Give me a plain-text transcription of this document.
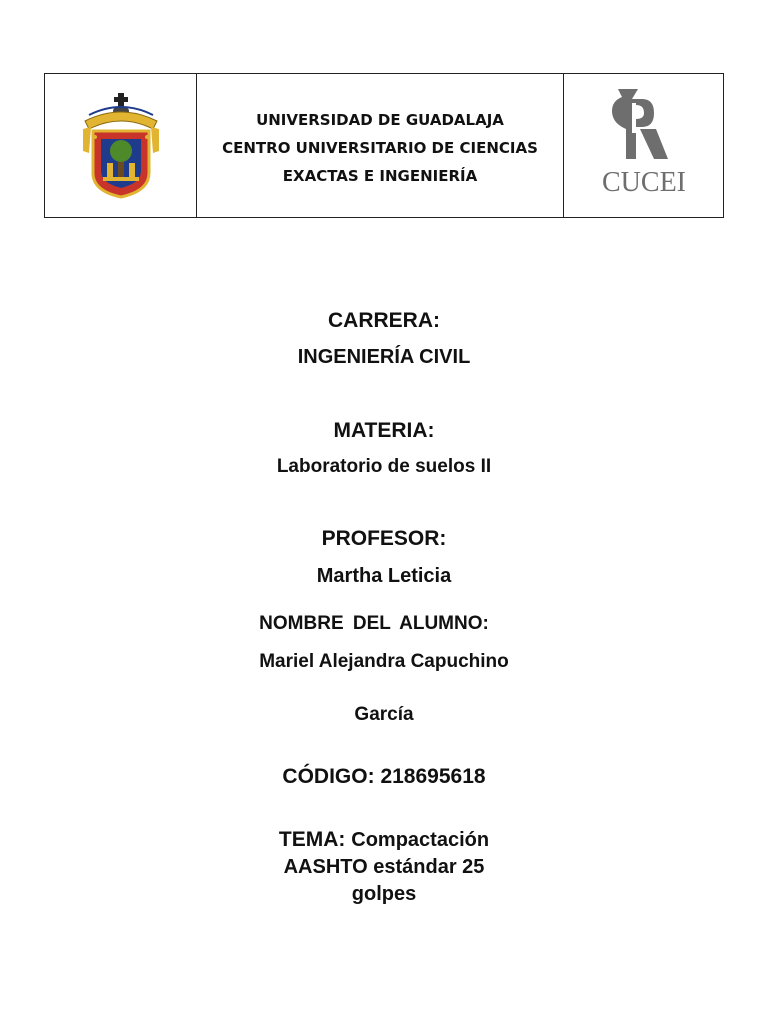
UNIVERSIDAD DE GUADALAJA
CENTRO UNIVERSITARIO DE CIENCIAS
EXACTAS E INGENIERÍA	CUCEI
CARRERA:
INGENIERÍA CIVIL
MATERIA:
Laboratorio de suelos II
PROFESOR:
Martha Leticia
NOMBRE DEL ALUMNO:
Mariel Alejandra Capuchino
García
CÓDIGO: 218695618
TEMA: Compactación
AASHTO estándar 25
golpes
